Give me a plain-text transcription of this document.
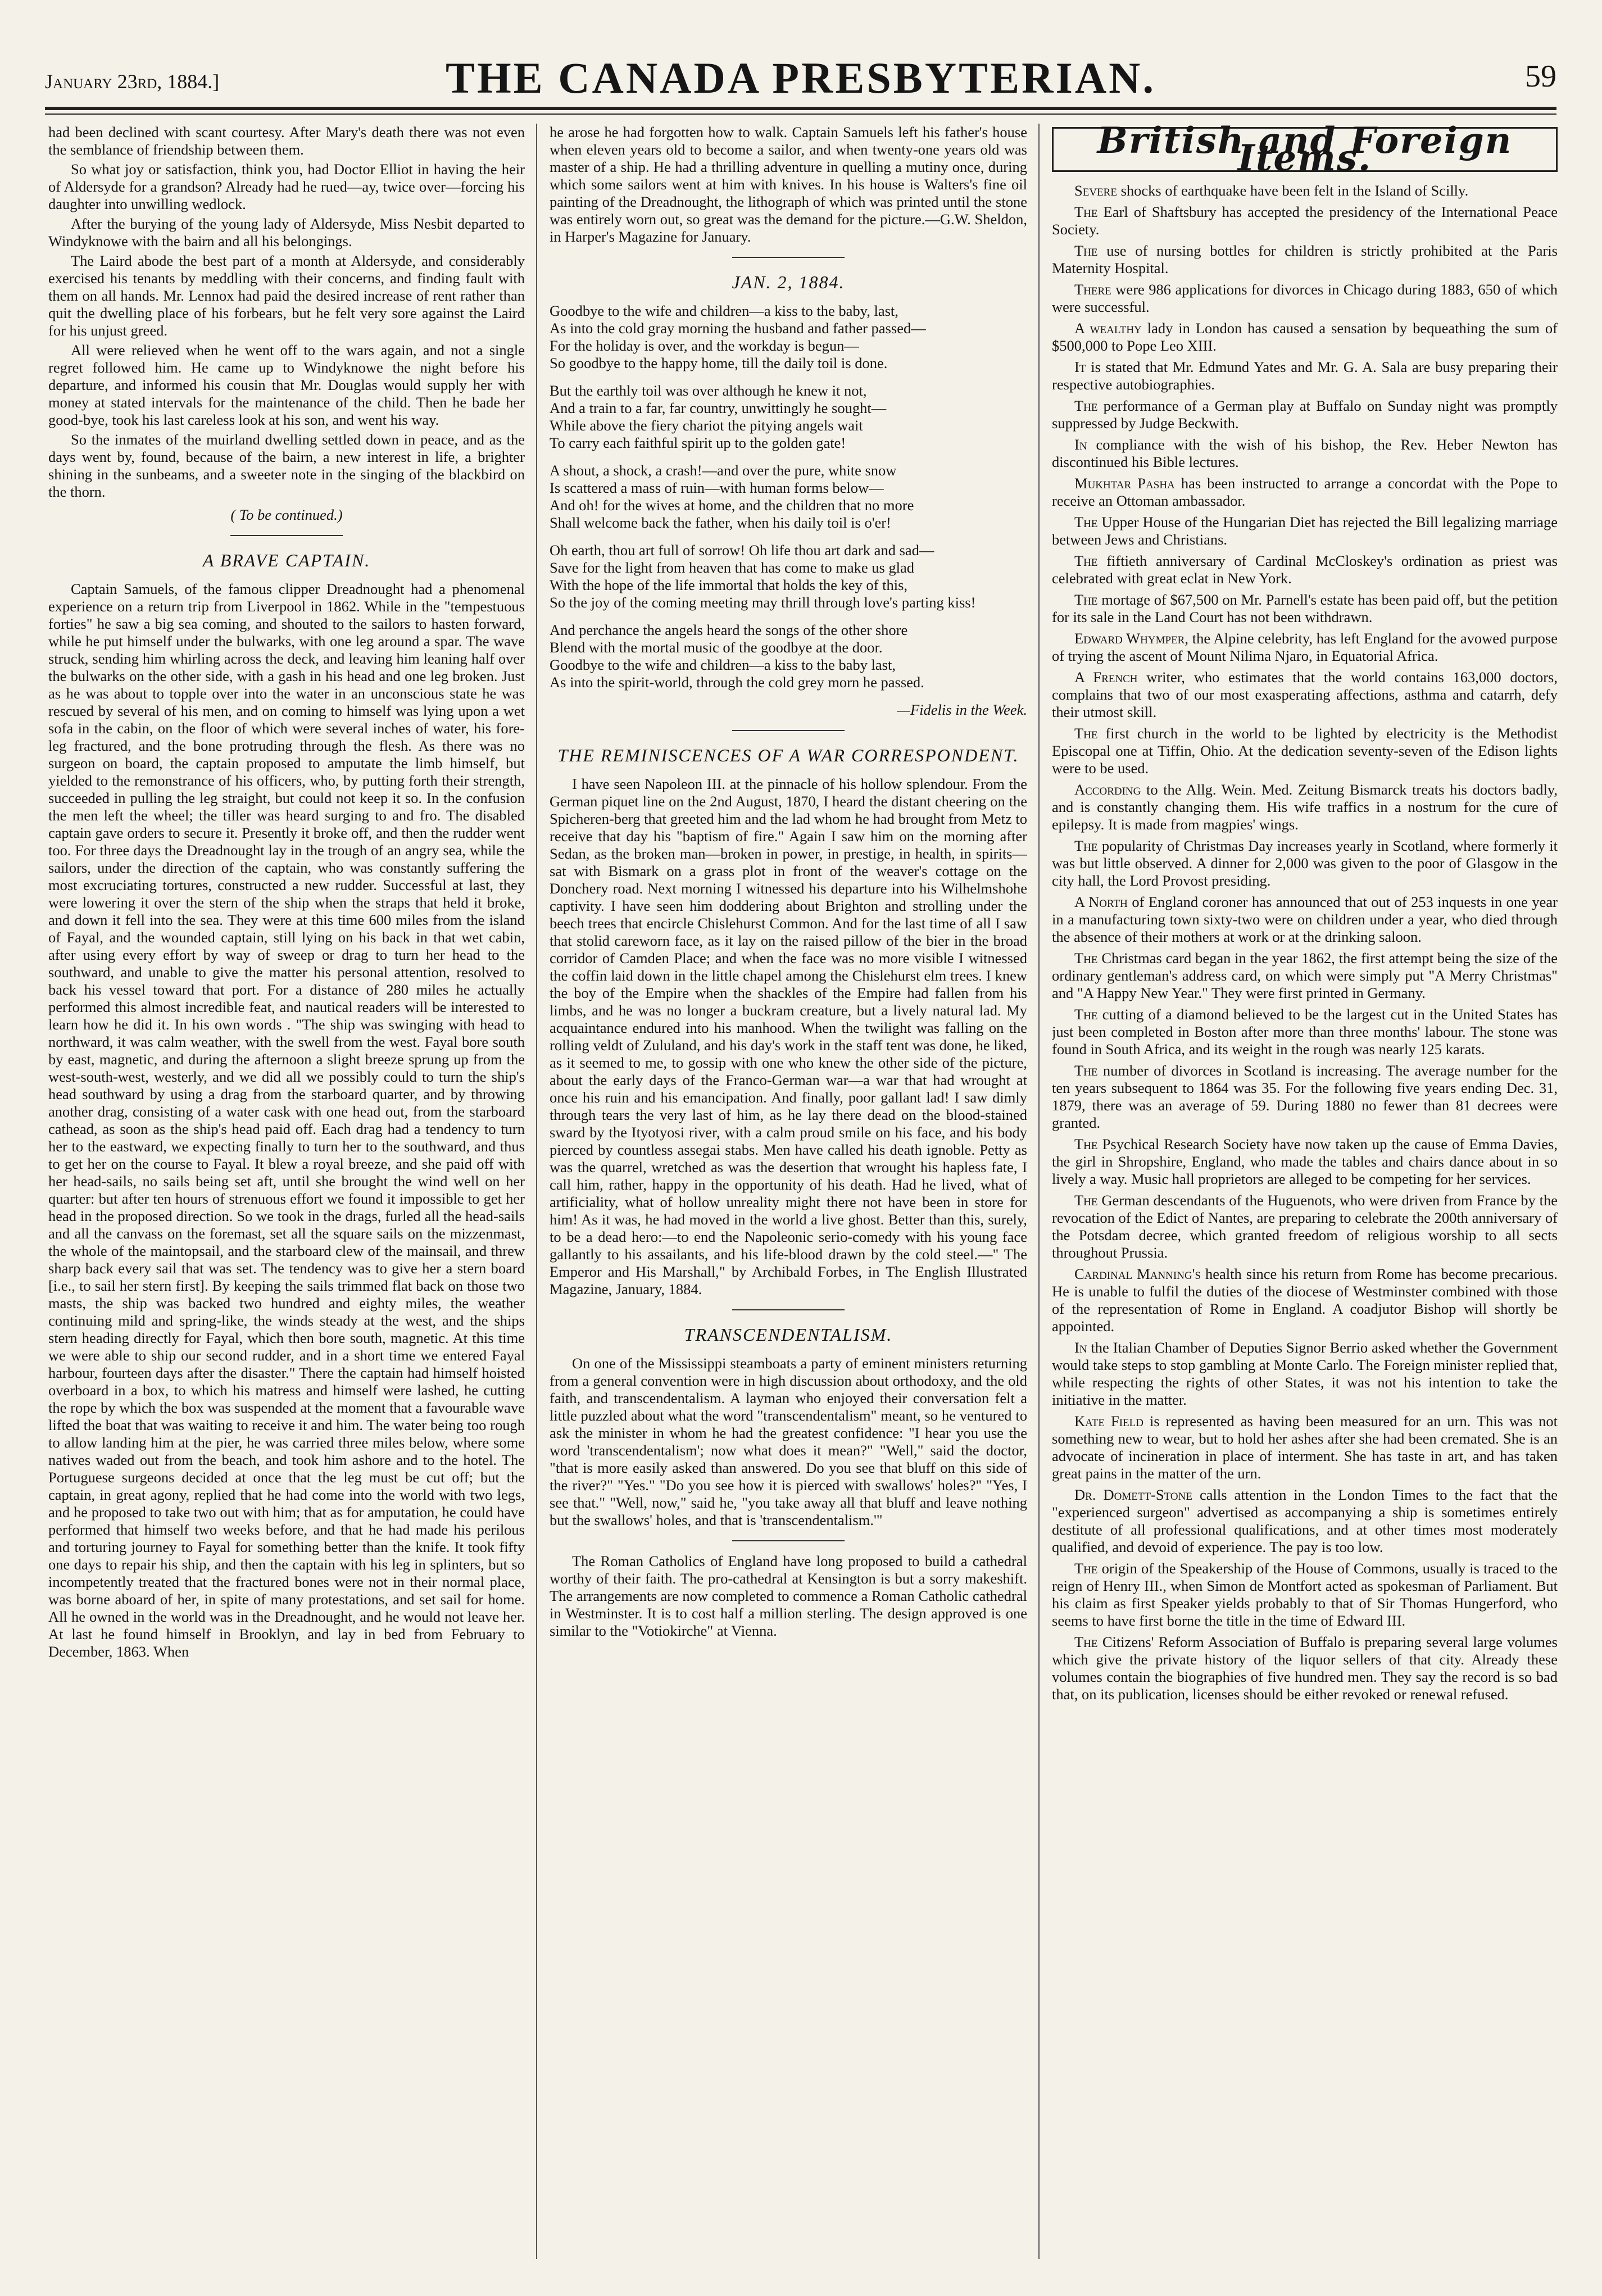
January 23rd, 1884.]	THE CANADA PRESBYTERIAN.	59

had been declined with scant courtesy. After Mary's death there was not even the semblance of friendship between them.

So what joy or satisfaction, think you, had Doctor Elliot in having the heir of Aldersyde for a grandson? Already had he rued—ay, twice over—forcing his daughter into unwilling wedlock.

After the burying of the young lady of Aldersyde, Miss Nesbit departed to Windyknowe with the bairn and all his belongings.

The Laird abode the best part of a month at Aldersyde, and considerably exercised his tenants by meddling with their concerns, and finding fault with them on all hands. Mr. Lennox had paid the desired increase of rent rather than quit the dwelling place of his forbears, but he felt very sore against the Laird for his unjust greed.

All were relieved when he went off to the wars again, and not a single regret followed him. He came up to Windyknowe the night before his departure, and informed his cousin that Mr. Douglas would supply her with money at stated intervals for the maintenance of the child. Then he bade her good-bye, took his last careless look at his son, and went his way.

So the inmates of the muirland dwelling settled down in peace, and as the days went by, found, because of the bairn, a new interest in life, a brighter shining in the sunbeams, and a sweeter note in the singing of the blackbird on the thorn.

( To be continued.)
A BRAVE CAPTAIN.

Captain Samuels, of the famous clipper Dreadnought had a phenomenal experience on a return trip from Liverpool in 1862. While in the "tempestuous forties" he saw a big sea coming, and shouted to the sailors to hasten forward, while he put himself under the bulwarks, with one leg around a spar. The wave struck, sending him whirling across the deck, and leaving him leaning half over the bulwarks on the other side, with a gash in his head and one leg broken. Just as he was about to topple over into the water in an unconscious state he was rescued by several of his men, and on coming to himself was lying upon a wet sofa in the cabin, on the floor of which were several inches of water, his fore-leg fractured, and the bone protruding through the flesh. As there was no surgeon on board, the captain proposed to amputate the limb himself, but yielded to the remonstrance of his officers, who, by putting forth their strength, succeeded in pulling the leg straight, but could not keep it so. In the confusion the men left the wheel; the tiller was heard surging to and fro. The disabled captain gave orders to secure it. Presently it broke off, and then the rudder went too. For three days the Dreadnought lay in the trough of an angry sea, while the sailors, under the direction of the captain, who was constantly suffering the most excruciating tortures, constructed a new rudder. Successful at last, they were lowering it over the stern of the ship when the straps that held it broke, and down it fell into the sea. They were at this time 600 miles from the island of Fayal, and the wounded captain, still lying on his back in that wet cabin, after using every effort by way of sweep or drag to turn her head to the southward, and unable to give the matter his personal attention, resolved to back his vessel toward that port. For a distance of 280 miles he actually performed this almost incredible feat, and nautical readers will be interested to learn how he did it. In his own words . "The ship was swinging with head to northward, it was calm weather, with the swell from the west. Fayal bore south by east, magnetic, and during the afternoon a slight breeze sprung up from the west-south-west, westerly, and we did all we possibly could to turn the ship's head southward by using a drag from the starboard quarter, and by throwing another drag, consisting of a water cask with one head out, from the starboard cathead, as soon as the ship's head paid off. Each drag had a tendency to turn her to the eastward, we expecting finally to turn her to the southward, and thus to get her on the course to Fayal. It blew a royal breeze, and she paid off with her head-sails, no sails being set aft, until she brought the wind well on her quarter: but after ten hours of strenuous effort we found it impossible to get her head in the proposed direction. So we took in the drags, furled all the head-sails and all the canvass on the foremast, set all the square sails on the mizzenmast, the whole of the maintopsail, and the starboard clew of the mainsail, and threw sharp back every sail that was set. The tendency was to give her a stern board [i.e., to sail her stern first]. By keeping the sails trimmed flat back on those two masts, the ship was backed two hundred and eighty miles, the weather continuing mild and spring-like, the winds steady at the west, and the ships stern heading directly for Fayal, which then bore south, magnetic. At this time we were able to ship our second rudder, and in a short time we entered Fayal harbour, fourteen days after the disaster." There the captain had himself hoisted overboard in a box, to which his matress and himself were lashed, he cutting the rope by which the box was suspended at the moment that a favourable wave lifted the boat that was waiting to receive it and him. The water being too rough to allow landing him at the pier, he was carried three miles below, where some natives waded out from the beach, and took him ashore and to the hotel. The Portuguese surgeons decided at once that the leg must be cut off; but the captain, in great agony, replied that he had come into the world with two legs, and he proposed to take two out with him; that as for amputation, he could have performed that himself two weeks before, and that he had made his perilous and torturing journey to Fayal for something better than the knife. It took fifty one days to repair his ship, and then the captain with his leg in splinters, but so incompetently treated that the fractured bones were not in their normal place, was borne aboard of her, in spite of many protestations, and set sail for home. All he owned in the world was in the Dreadnought, and he would not leave her. At last he found himself in Brooklyn, and lay in bed from February to December, 1863. When

he arose he had forgotten how to walk. Captain Samuels left his father's house when eleven years old to become a sailor, and when twenty-one years old was master of a ship. He had a thrilling adventure in quelling a mutiny once, during which some sailors went at him with knives. In his house is Walters's fine oil painting of the Dreadnought, the lithograph of which was printed until the stone was entirely worn out, so great was the demand for the picture.—G.W. Sheldon, in Harper's Magazine for January.

JAN. 2, 1884.
Goodbye to the wife and children—a kiss to the baby, last,
As into the cold gray morning the husband and father passed—
For the holiday is over, and the workday is begun—
So goodbye to the happy home, till the daily toil is done.
But the earthly toil was over although he knew it not,
And a train to a far, far country, unwittingly he sought—
While above the fiery chariot the pitying angels wait
To carry each faithful spirit up to the golden gate!
A shout, a shock, a crash!—and over the pure, white snow
Is scattered a mass of ruin—with human forms below—
And oh! for the wives at home, and the children that no more
Shall welcome back the father, when his daily toil is o'er!
Oh earth, thou art full of sorrow! Oh life thou art dark and sad—
Save for the light from heaven that has come to make us glad
With the hope of the life immortal that holds the key of this,
So the joy of the coming meeting may thrill through love's parting kiss!
And perchance the angels heard the songs of the other shore
Blend with the mortal music of the goodbye at the door.
Goodbye to the wife and children—a kiss to the baby last,
As into the spirit-world, through the cold grey morn he passed.
—Fidelis in the Week.
THE REMINISCENCES OF A WAR CORRESPONDENT.

I have seen Napoleon III. at the pinnacle of his hollow splendour. From the German piquet line on the 2nd August, 1870, I heard the distant cheering on the Spicheren-berg that greeted him and the lad whom he had brought from Metz to receive that day his "baptism of fire." Again I saw him on the morning after Sedan, as the broken man—broken in power, in prestige, in health, in spirits—sat with Bismark on a grass plot in front of the weaver's cottage on the Donchery road. Next morning I witnessed his departure into his Wilhelmshohe captivity. I have seen him doddering about Brighton and strolling under the beech trees that encircle Chislehurst Common. And for the last time of all I saw that stolid careworn face, as it lay on the raised pillow of the bier in the broad corridor of Camden Place; and when the face was no more visible I witnessed the coffin laid down in the little chapel among the Chislehurst elm trees. I knew the boy of the Empire when the shackles of the Empire had fallen from his limbs, and he was no longer a buckram creature, but a lively natural lad. My acquaintance endured into his manhood. When the twilight was falling on the rolling veldt of Zululand, and his day's work in the staff tent was done, he liked, as it seemed to me, to gossip with one who knew the other side of the picture, about the early days of the Franco-German war—a war that had wrought at once his ruin and his emancipation. And finally, poor gallant lad! I saw dimly through tears the very last of him, as he lay there dead on the blood-stained sward by the Ityotyosi river, with a calm proud smile on his face, and his body pierced by countless assegai stabs. Men have called his death ignoble. Petty as was the quarrel, wretched as was the desertion that wrought his hapless fate, I call him, rather, happy in the opportunity of his death. Had he lived, what of artificiality, what of hollow unreality might there not have been in store for him! As it was, he had moved in the world a live ghost. Better than this, surely, to be a dead hero:—to end the Napoleonic serio-comedy with his young face gallantly to his assailants, and his life-blood drawn by the cold steel.—" The Emperor and His Marshall," by Archibald Forbes, in The English Illustrated Magazine, January, 1884.

TRANSCENDENTALISM.

On one of the Mississippi steamboats a party of eminent ministers returning from a general convention were in high discussion about orthodoxy, and the old faith, and transcendentalism. A layman who enjoyed their conversation felt a little puzzled about what the word "transcendentalism" meant, so he ventured to ask the minister in whom he had the greatest confidence: "I hear you use the word 'transcendentalism'; now what does it mean?" "Well," said the doctor, "that is more easily asked than answered. Do you see that bluff on this side of the river?" "Yes." "Do you see how it is pierced with swallows' holes?" "Yes, I see that." "Well, now," said he, "you take away all that bluff and leave nothing but the swallows' holes, and that is 'transcendentalism.'"

The Roman Catholics of England have long proposed to build a cathedral worthy of their faith. The pro-cathedral at Kensington is but a sorry makeshift. The arrangements are now completed to commence a Roman Catholic cathedral in Westminster. It is to cost half a million sterling. The design approved is one similar to the "Votiokirche" at Vienna.

British and Foreign Items.

Severe shocks of earthquake have been felt in the Island of Scilly.

The Earl of Shaftsbury has accepted the presidency of the International Peace Society.

The use of nursing bottles for children is strictly prohibited at the Paris Maternity Hospital.

There were 986 applications for divorces in Chicago during 1883, 650 of which were successful.

A wealthy lady in London has caused a sensation by bequeathing the sum of $500,000 to Pope Leo XIII.

It is stated that Mr. Edmund Yates and Mr. G. A. Sala are busy preparing their respective autobiographies.

The performance of a German play at Buffalo on Sunday night was promptly suppressed by Judge Beckwith.

In compliance with the wish of his bishop, the Rev. Heber Newton has discontinued his Bible lectures.

Mukhtar Pasha has been instructed to arrange a concordat with the Pope to receive an Ottoman ambassador.

The Upper House of the Hungarian Diet has rejected the Bill legalizing marriage between Jews and Christians.

The fiftieth anniversary of Cardinal McCloskey's ordination as priest was celebrated with great eclat in New York.

The mortage of $67,500 on Mr. Parnell's estate has been paid off, but the petition for its sale in the Land Court has not been withdrawn.

Edward Whymper, the Alpine celebrity, has left England for the avowed purpose of trying the ascent of Mount Nilima Njaro, in Equatorial Africa.

A French writer, who estimates that the world contains 163,000 doctors, complains that two of our most exasperating affections, asthma and catarrh, defy their utmost skill.

The first church in the world to be lighted by electricity is the Methodist Episcopal one at Tiffin, Ohio. At the dedication seventy-seven of the Edison lights were to be used.

According to the Allg. Wein. Med. Zeitung Bismarck treats his doctors badly, and is constantly changing them. His wife traffics in a nostrum for the cure of epilepsy. It is made from magpies' wings.

The popularity of Christmas Day increases yearly in Scotland, where formerly it was but little observed. A dinner for 2,000 was given to the poor of Glasgow in the city hall, the Lord Provost presiding.

A North of England coroner has announced that out of 253 inquests in one year in a manufacturing town sixty-two were on children under a year, who died through the absence of their mothers at work or at the drinking saloon.

The Christmas card began in the year 1862, the first attempt being the size of the ordinary gentleman's address card, on which were simply put "A Merry Christmas" and "A Happy New Year." They were first printed in Germany.

The cutting of a diamond believed to be the largest cut in the United States has just been completed in Boston after more than three months' labour. The stone was found in South Africa, and its weight in the rough was nearly 125 karats.

The number of divorces in Scotland is increasing. The average number for the ten years subsequent to 1864 was 35. For the following five years ending Dec. 31, 1879, there was an average of 59. During 1880 no fewer than 81 decrees were granted.

The Psychical Research Society have now taken up the cause of Emma Davies, the girl in Shropshire, England, who made the tables and chairs dance about in so lively a way. Music hall proprietors are alleged to be competing for her services.

The German descendants of the Huguenots, who were driven from France by the revocation of the Edict of Nantes, are preparing to celebrate the 200th anniversary of the Potsdam decree, which granted freedom of religious worship to all sects throughout Prussia.

Cardinal Manning's health since his return from Rome has become precarious. He is unable to fulfil the duties of the diocese of Westminster combined with those of the representation of Rome in England. A coadjutor Bishop will shortly be appointed.

In the Italian Chamber of Deputies Signor Berrio asked whether the Government would take steps to stop gambling at Monte Carlo. The Foreign minister replied that, while respecting the rights of other States, it was not his intention to take the initiative in the matter.

Kate Field is represented as having been measured for an urn. This was not something new to wear, but to hold her ashes after she had been cremated. She is an advocate of incineration in place of interment. She has taste in art, and has taken great pains in the matter of the urn.

Dr. Domett-Stone calls attention in the London Times to the fact that the "experienced surgeon" advertised as accompanying a ship is sometimes entirely destitute of all professional qualifications, and at other times most moderately qualified, and devoid of experience. The pay is too low.

The origin of the Speakership of the House of Commons, usually is traced to the reign of Henry III., when Simon de Montfort acted as spokesman of Parliament. But his claim as first Speaker yields probably to that of Sir Thomas Hungerford, who seems to have first borne the title in the time of Edward III.

The Citizens' Reform Association of Buffalo is preparing several large volumes which give the private history of the liquor sellers of that city. Already these volumes contain the biographies of five hundred men. They say the record is so bad that, on its publication, licenses should be either revoked or renewal refused.
